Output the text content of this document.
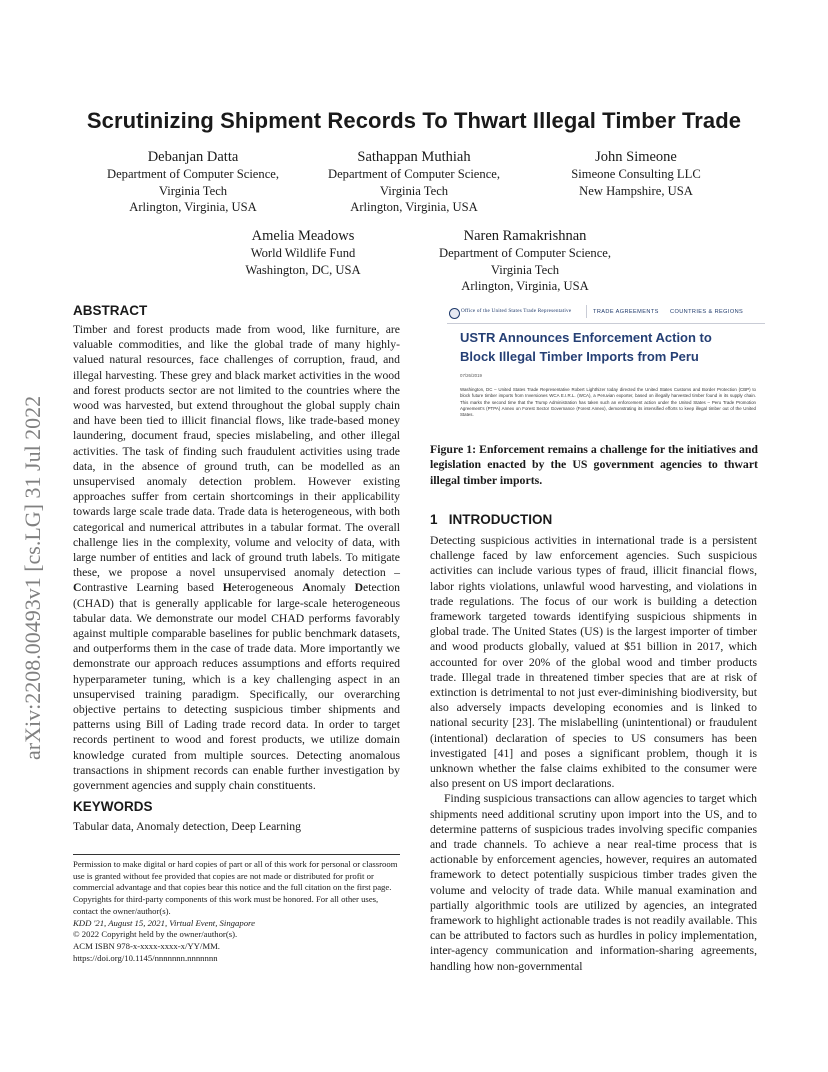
Scrutinizing Shipment Records To Thwart Illegal Timber Trade
Debanjan Datta
Department of Computer Science,
Virginia Tech
Arlington, Virginia, USA
Sathappan Muthiah
Department of Computer Science,
Virginia Tech
Arlington, Virginia, USA
John Simeone
Simeone Consulting LLC
New Hampshire, USA
Amelia Meadows
World Wildlife Fund
Washington, DC, USA
Naren Ramakrishnan
Department of Computer Science,
Virginia Tech
Arlington, Virginia, USA
arXiv:2208.00493v1 [cs.LG] 31 Jul 2022
ABSTRACT

Timber and forest products made from wood, like furniture, are valuable commodities, and like the global trade of many highly-valued natural resources, face challenges of corruption, fraud, and illegal harvesting. These grey and black market activities in the wood and forest products sector are not limited to the countries where the wood was harvested, but extend throughout the global supply chain and have been tied to illicit financial flows, like trade-based money laundering, document fraud, species mislabeling, and other illegal activities. The task of finding such fraudulent activities using trade data, in the absence of ground truth, can be modelled as an unsupervised anomaly detection problem. However existing approaches suffer from certain shortcomings in their applicability towards large scale trade data. Trade data is heterogeneous, with both categorical and numerical attributes in a tabular format. The overall challenge lies in the complexity, volume and velocity of data, with large number of entities and lack of ground truth labels. To mitigate these, we propose a novel unsupervised anomaly detection – Contrastive Learning based Heterogeneous Anomaly Detection (CHAD) that is generally applicable for large-scale heterogeneous tabular data. We demonstrate our model CHAD performs favorably against multiple comparable baselines for public benchmark datasets, and outperforms them in the case of trade data. More importantly we demonstrate our approach reduces assumptions and efforts required hyperparameter tuning, which is a key challenging aspect in an unsupervised training paradigm. Specifically, our overarching objective pertains to detecting suspicious timber shipments and patterns using Bill of Lading trade record data. In order to target records pertinent to wood and forest products, we utilize domain knowledge curated from multiple sources. Detecting anomalous transactions in shipment records can enable further investigation by government agencies and supply chain constituents.

KEYWORDS
Tabular data, Anomaly detection, Deep Learning

Permission to make digital or hard copies of part or all of this work for personal or classroom use is granted without fee provided that copies are not made or distributed for profit or commercial advantage and that copies bear this notice and the full citation on the first page. Copyrights for third-party components of this work must be honored. For all other uses, contact the owner/author(s).

KDD '21, August 15, 2021, Virtual Event, Singapore

© 2022 Copyright held by the owner/author(s).

ACM ISBN 978-x-xxxx-xxxx-x/YY/MM.

https://doi.org/10.1145/nnnnnnn.nnnnnnn

Office of the United States Trade Representative	TRADE AGREEMENTS COUNTRIES & REGIONS
USTR Announces Enforcement Action to
Block Illegal Timber Imports from Peru
07/26/2019
Washington, DC – United States Trade Representative Robert Lighthizer today directed the United States Customs and Border Protection (CBP) to block future timber imports from Inversiones WCA E.I.R.L. (WCA), a Peruvian exporter, based on illegally harvested timber found in its supply chain. This marks the second time that the Trump Administration has taken such an enforcement action under the United States – Peru Trade Promotion Agreement's (PTPA) Annex on Forest Sector Governance (Forest Annex), demonstrating its intensified efforts to keep illegal timber out of the United States.
Figure 1: Enforcement remains a challenge for the initiatives and legislation enacted by the US government agencies to thwart illegal timber imports.
1   INTRODUCTION

Detecting suspicious activities in international trade is a persistent challenge faced by law enforcement agencies. Such suspicious activities can include various types of fraud, illicit financial flows, labor rights violations, unlawful wood harvesting, and violations in trade regulations. The focus of our work is building a detection framework targeted towards identifying suspicious shipments in global trade. The United States (US) is the largest importer of timber and wood products globally, valued at $51 billion in 2017, which accounted for over 20% of the global wood and timber products trade. Illegal trade in threatened timber species that are at risk of extinction is detrimental to not just ever-diminishing biodiversity, but also adversely impacts developing economies and is linked to national security [23]. The mislabelling (unintentional) or fraudulent (intentional) declaration of species to US consumers has been investigated [41] and poses a significant problem, though it is unknown whether the false claims exhibited to the consumer were also present on US import declarations.

Finding suspicious transactions can allow agencies to target which shipments need additional scrutiny upon import into the US, and to determine patterns of suspicious trades involving specific companies and trade channels. To achieve a near real-time process that is actionable by enforcement agencies, however, requires an automated framework to detect potentially suspicious timber trades given the volume and velocity of trade data. While manual examination and partially algorithmic tools are utilized by agencies, an integrated framework to highlight actionable trades is not readily available. This can be attributed to factors such as hurdles in policy implementation, inter-agency communication and information-sharing agreements, handling how non-governmental
